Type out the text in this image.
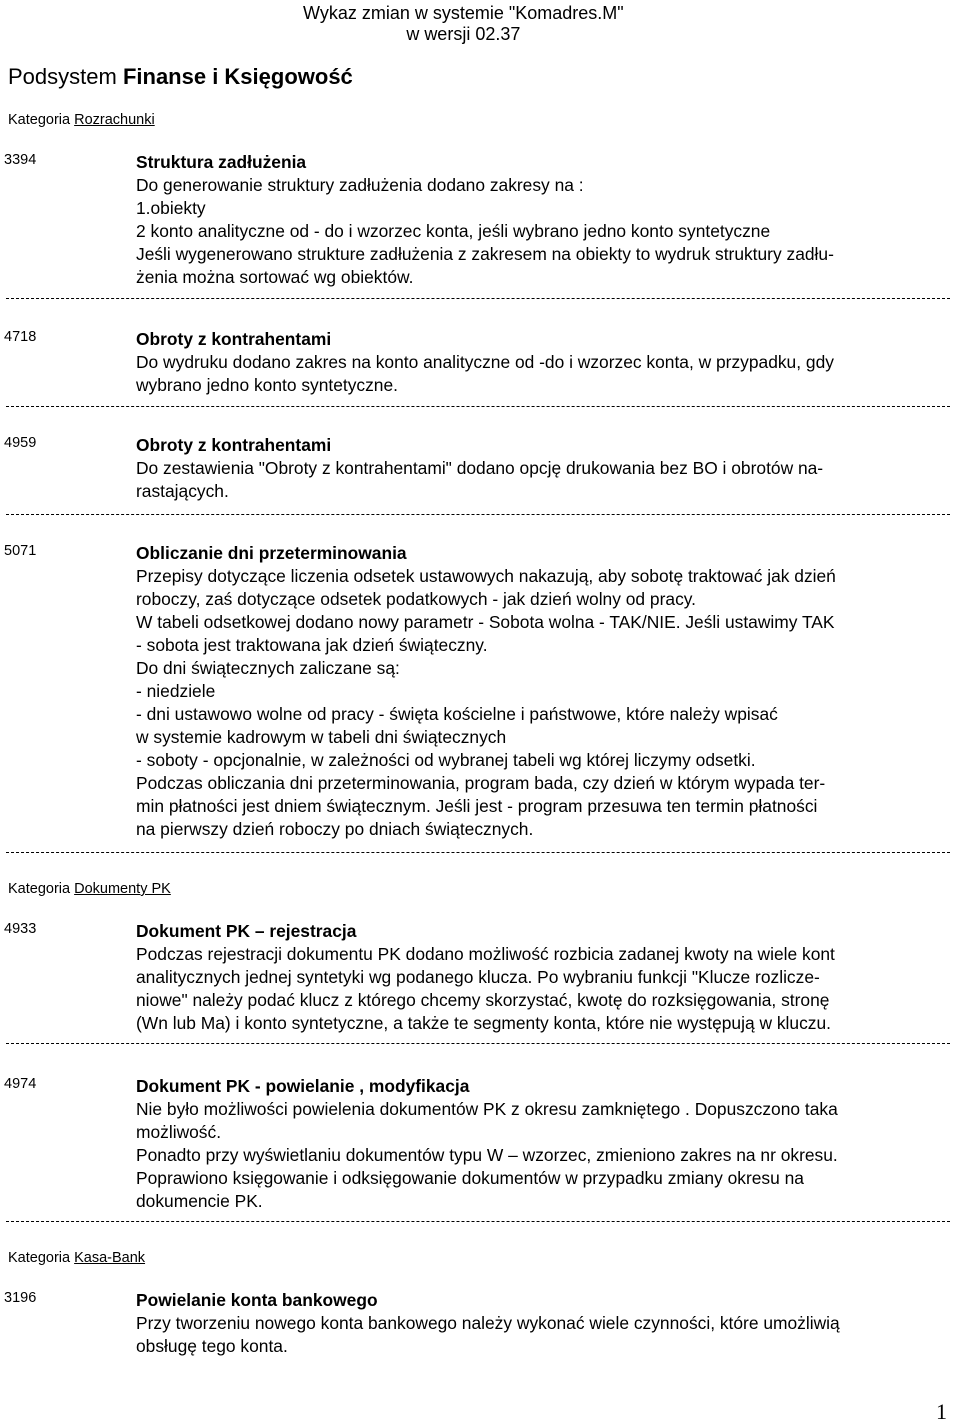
Wykaz zmian w systemie "Komadres.M"
w wersji 02.37
Podsystem Finanse i Księgowość
Kategoria Rozrachunki
3394	Struktura zadłużenia
Do generowanie struktury zadłużenia dodano zakresy na :
1.obiekty
2 konto analityczne od - do i wzorzec konta, jeśli wybrano jedno konto syntetyczne
Jeśli wygenerowano strukture zadłużenia z zakresem na obiekty to wydruk struktury zadłu-
żenia można sortować wg obiektów.
4718	Obroty z kontrahentami
Do wydruku dodano zakres na konto analityczne od -do i wzorzec konta, w przypadku, gdy
wybrano jedno konto syntetyczne.
4959	Obroty z kontrahentami
Do zestawienia "Obroty z kontrahentami" dodano opcję drukowania bez BO i obrotów na-
rastających.
5071	Obliczanie dni przeterminowania
Przepisy dotyczące liczenia odsetek ustawowych nakazują, aby sobotę traktować jak dzień
roboczy, zaś dotyczące odsetek podatkowych - jak dzień wolny od pracy.
W tabeli odsetkowej dodano nowy parametr - Sobota wolna - TAK/NIE. Jeśli ustawimy TAK
- sobota jest traktowana jak dzień świąteczny.
Do dni świątecznych zaliczane są:
- niedziele
- dni ustawowo wolne od pracy - święta kościelne i państwowe, które należy wpisać
w systemie kadrowym w tabeli dni świątecznych
- soboty - opcjonalnie, w zależności od wybranej tabeli wg której liczymy odsetki.
Podczas obliczania dni przeterminowania, program bada, czy dzień w którym wypada ter-
min płatności jest dniem świątecznym. Jeśli jest - program przesuwa ten termin płatności
na pierwszy dzień roboczy po dniach świątecznych.
Kategoria Dokumenty PK
4933	Dokument PK – rejestracja
Podczas rejestracji dokumentu PK dodano możliwość rozbicia zadanej kwoty na wiele kont
analitycznych jednej syntetyki wg podanego klucza. Po wybraniu funkcji "Klucze rozlicze-
niowe" należy podać klucz z którego chcemy skorzystać, kwotę do rozksięgowania, stronę
(Wn lub Ma) i konto syntetyczne, a także te segmenty konta, które nie występują w kluczu.
4974	Dokument PK - powielanie , modyfikacja
Nie było możliwości powielenia dokumentów PK z okresu zamkniętego . Dopuszczono taka
możliwość.
Ponadto przy wyświetlaniu dokumentów typu W – wzorzec, zmieniono zakres na nr okresu.
Poprawiono księgowanie i odksięgowanie dokumentów w przypadku zmiany okresu na
dokumencie PK.
Kategoria Kasa-Bank
3196	Powielanie konta bankowego
Przy tworzeniu nowego konta bankowego należy wykonać wiele czynności, które umożliwią
obsługę tego konta.
1
